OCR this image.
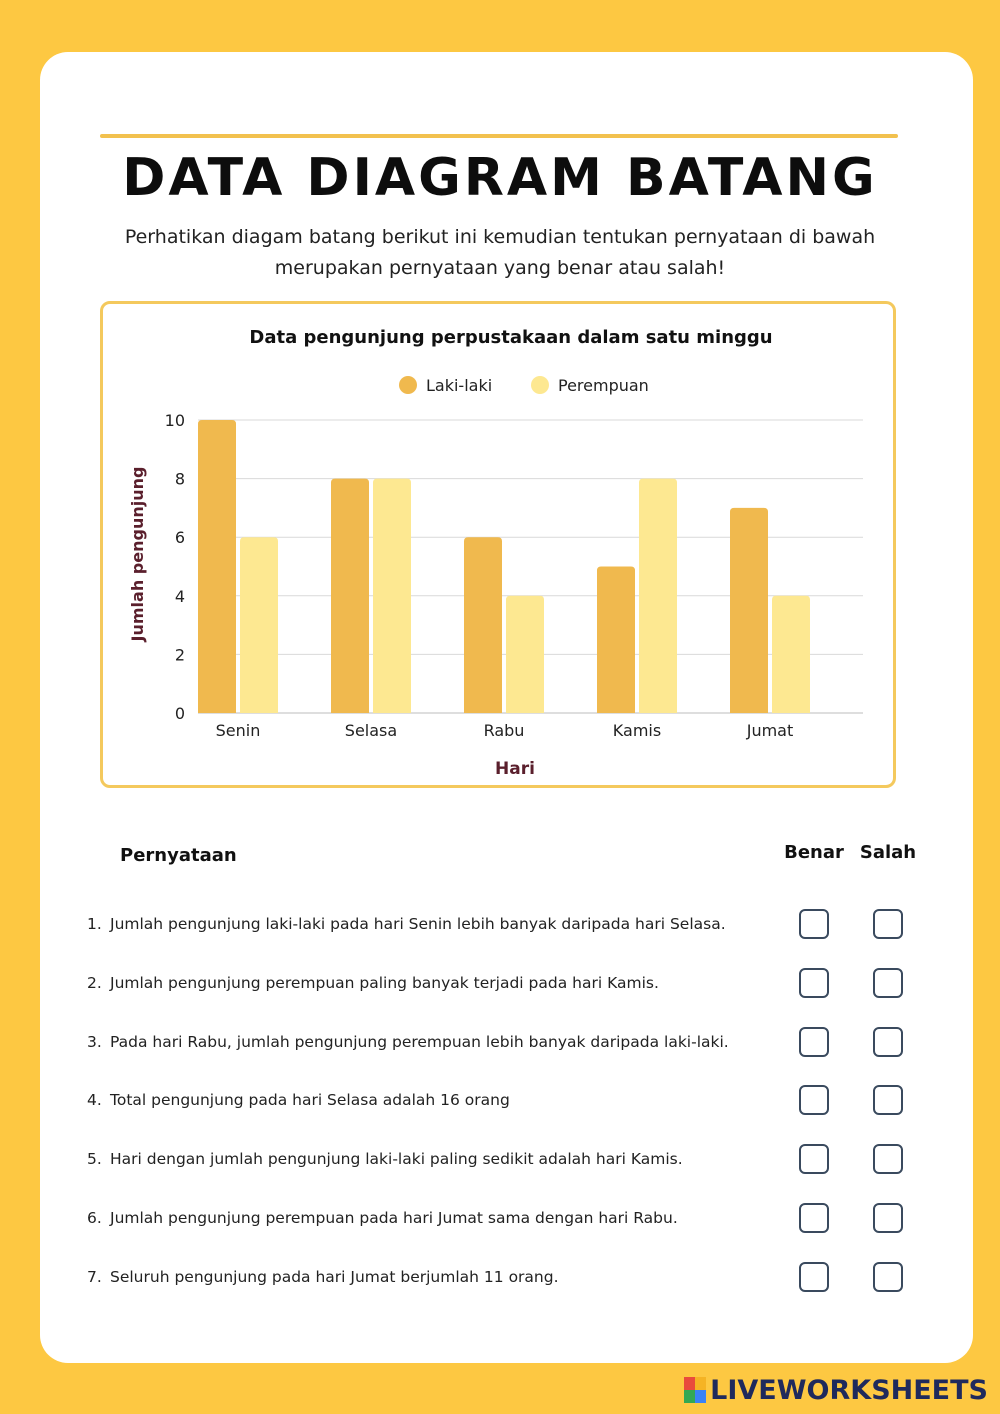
DATA DIAGRAM BATANG
Perhatikan diagam batang berikut ini kemudian tentukan pernyataan di bawah merupakan pernyataan yang benar atau salah!
Data pengunjung perpustakaan dalam satu minggu
Laki-laki	Perempuan
0
2
4
6
8
10
Senin	Selasa	Rabu	Kamis	Jumat
Jumlah pengunjung
Hari
Pernyataan	Benar Salah
1. Jumlah pengunjung laki-laki pada hari Senin lebih banyak daripada hari Selasa.
2. Jumlah pengunjung perempuan paling banyak terjadi pada hari Kamis.
3. Pada hari Rabu, jumlah pengunjung perempuan lebih banyak daripada laki-laki.
4. Total pengunjung pada hari Selasa adalah 16 orang
5. Hari dengan jumlah pengunjung laki-laki paling sedikit adalah hari Kamis.
6. Jumlah pengunjung perempuan pada hari Jumat sama dengan hari Rabu.
7. Seluruh pengunjung pada hari Jumat berjumlah 11 orang.
LIVEWORKSHEETS
